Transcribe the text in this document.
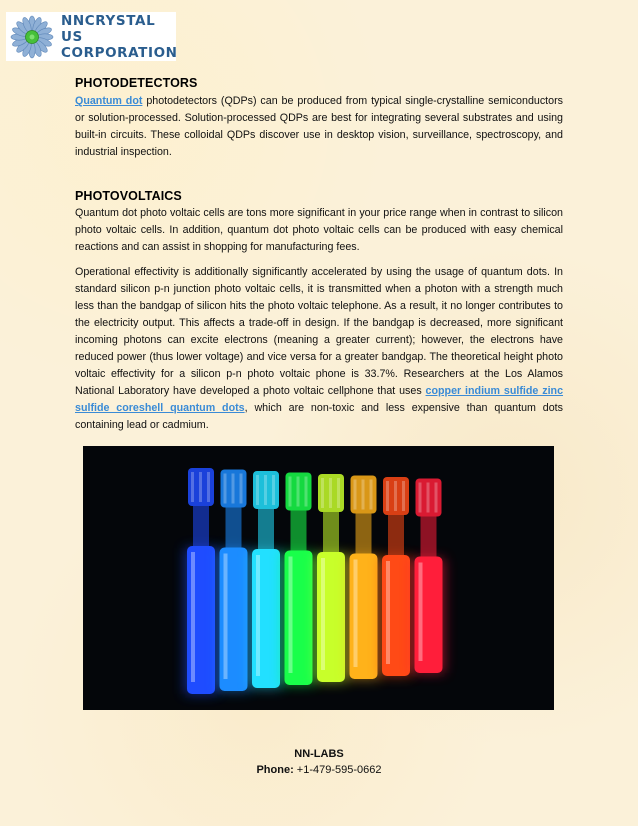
NNCRYSTAL US
CORPORATION
PHOTODETECTORS

Quantum dot photodetectors (QDPs) can be produced from typical single-crystalline semiconductors or solution-processed. Solution-processed QDPs are best for integrating several substrates and using built-in circuits. These colloidal QDPs discover use in desktop vision, surveillance, spectroscopy, and industrial inspection.

PHOTOVOLTAICS

Quantum dot photo voltaic cells are tons more significant in your price range when in contrast to silicon photo voltaic cells. In addition, quantum dot photo voltaic cells can be produced with easy chemical reactions and can assist in shopping for manufacturing fees.

Operational effectivity is additionally significantly accelerated by using the usage of quantum dots. In standard silicon p-n junction photo voltaic cells, it is transmitted when a photon with a strength much less than the bandgap of silicon hits the photo voltaic telephone. As a result, it no longer contributes to the electricity output. This affects a trade-off in design. If the bandgap is decreased, more significant incoming photons can excite electrons (meaning a greater current); however, the electrons have reduced power (thus lower voltage) and vice versa for a greater bandgap. The theoretical height photo voltaic effectivity for a silicon p-n photo voltaic phone is 33.7%. Researchers at the Los Alamos National Laboratory have developed a photo voltaic cellphone that uses copper indium sulfide zinc sulfide coreshell quantum dots, which are non-toxic and less expensive than quantum dots containing lead or cadmium.

NN-LABS
Phone: +1-479-595-0662
